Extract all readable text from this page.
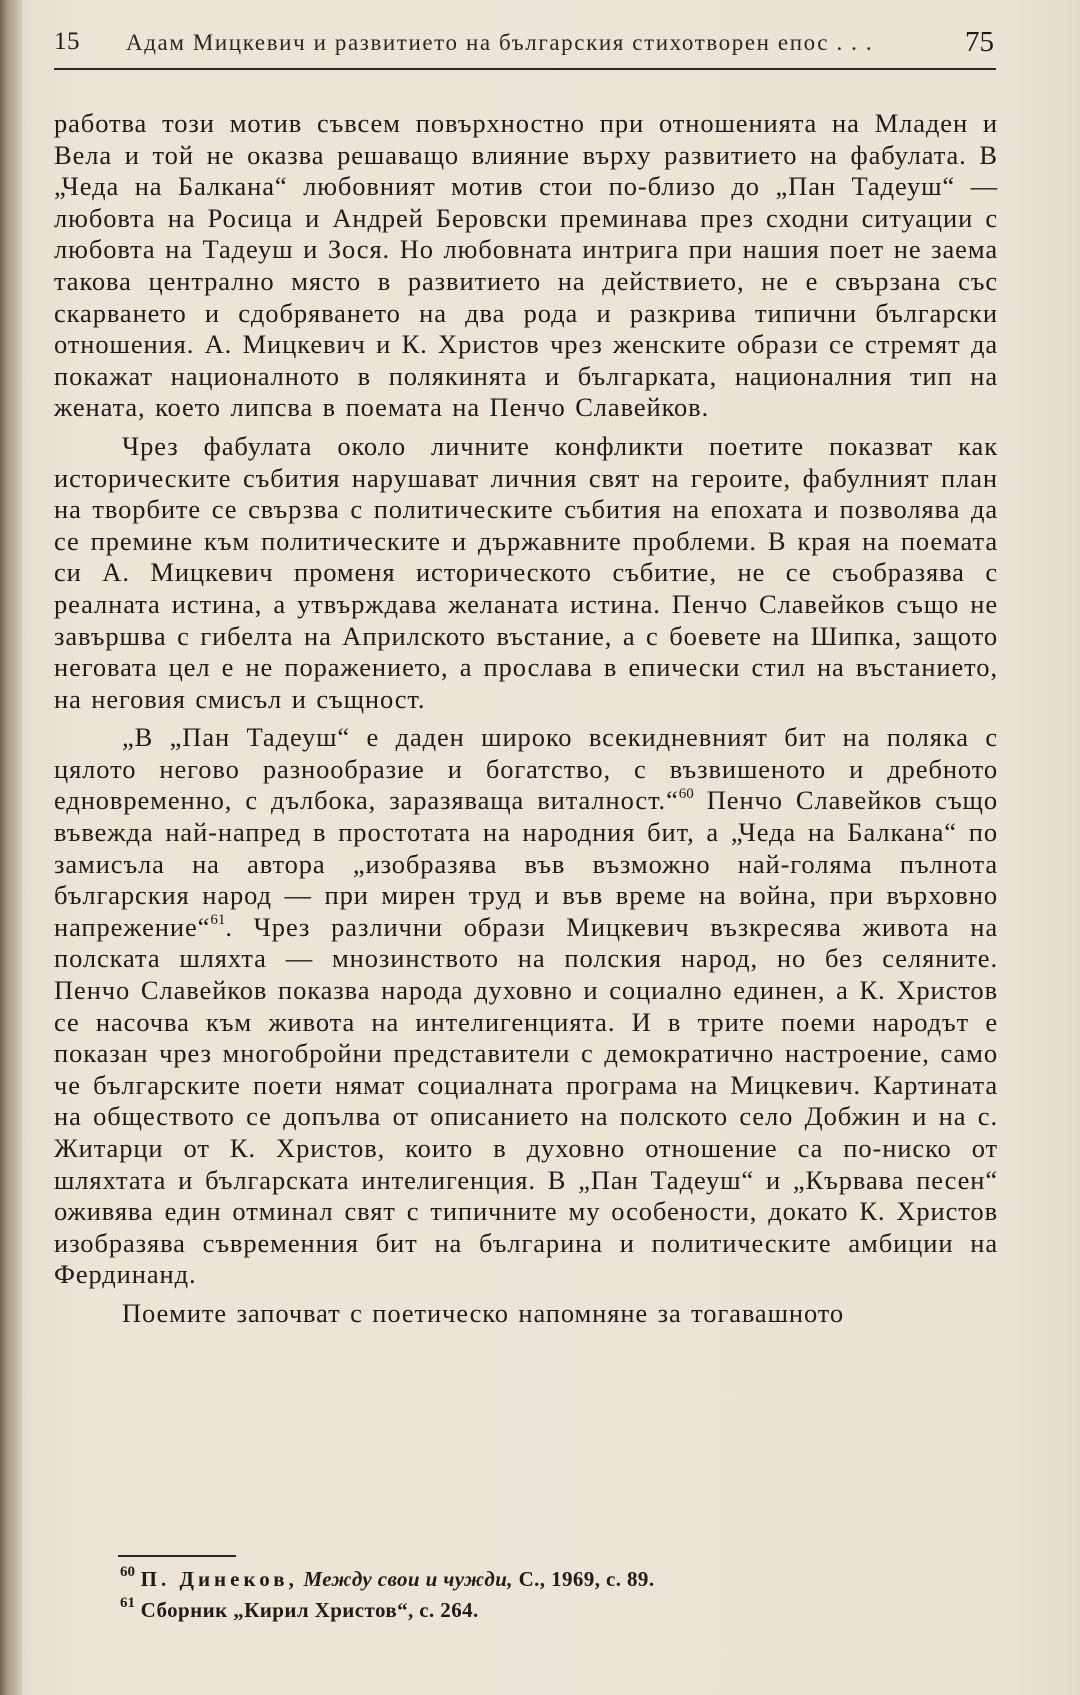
15 Адам Мицкевич и развитието на българския стихотворен епос . . .	75

работва този мотив съвсем повърхностно при отношенията на Младен и Вела и той не оказва решаващо влияние върху развитието на фабулата. В „Чеда на Балкана“ любовният мотив стои по-близо до „Пан Тадеуш“ — любовта на Росица и Андрей Беровски преминава през сходни ситуации с любовта на Тадеуш и Зося. Но любовната интрига при нашия поет не заема такова централно място в развитието на действието, не е свързана със скарването и сдобряването на два рода и разкрива типични български отношения. А. Мицкевич и К. Христов чрез женските образи се стремят да покажат националното в полякинята и българката, националния тип на жената, което липсва в поемата на Пенчо Славейков.

Чрез фабулата около личните конфликти поетите показват как историческите събития нарушават личния свят на героите, фабулният план на творбите се свързва с политическите събития на епохата и позволява да се премине към политическите и държавните проблеми. В края на поемата си А. Мицкевич променя историческото събитие, не се съобразява с реалната истина, а утвърждава желаната истина. Пенчо Славейков също не завършва с гибелта на Априлското въстание, а с боевете на Шипка, защото неговата цел е не поражението, а прослава в епически стил на въстанието, на неговия смисъл и същност.

„В „Пан Тадеуш“ е даден широко всекидневният бит на поляка с цялото негово разнообразие и богатство, с възвишеното и дребното едновременно, с дълбока, заразяваща виталност.“$^{60}$ Пенчо Славейков също въвежда най-напред в простотата на народния бит, а „Чеда на Балкана“ по замисъла на автора „изобразява във възможно най-голяма пълнота българския народ — при мирен труд и във време на война, при върховно напрежение“$^{61}$. Чрез различни образи Мицкевич възкресява живота на полската шляхта — мнозинството на полския народ, но без селяните. Пенчо Славейков показва народа духовно и социално единен, а К. Христов се насочва към живота на интелигенцията. И в трите поеми народът е показан чрез многобройни представители с демократично настроение, само че българските поети нямат социалната програма на Мицкевич. Картината на обществото се допълва от описанието на полското село Добжин и на с. Житарци от К. Христов, които в духовно отношение са по-ниско от шляхтата и българската интелигенция. В „Пан Тадеуш“ и „Кървава песен“ оживява един отминал свят с типичните му особености, докато К. Христов изобразява съвременния бит на българина и политическите амбиции на Фердинанд.

Поемите започват с поетическо напомняне за тогавашното

$^{60}$ П. Динеков, Между свои и чужди, С., 1969, с. 89.

$^{61}$ Сборник „Кирил Христов“, с. 264.
